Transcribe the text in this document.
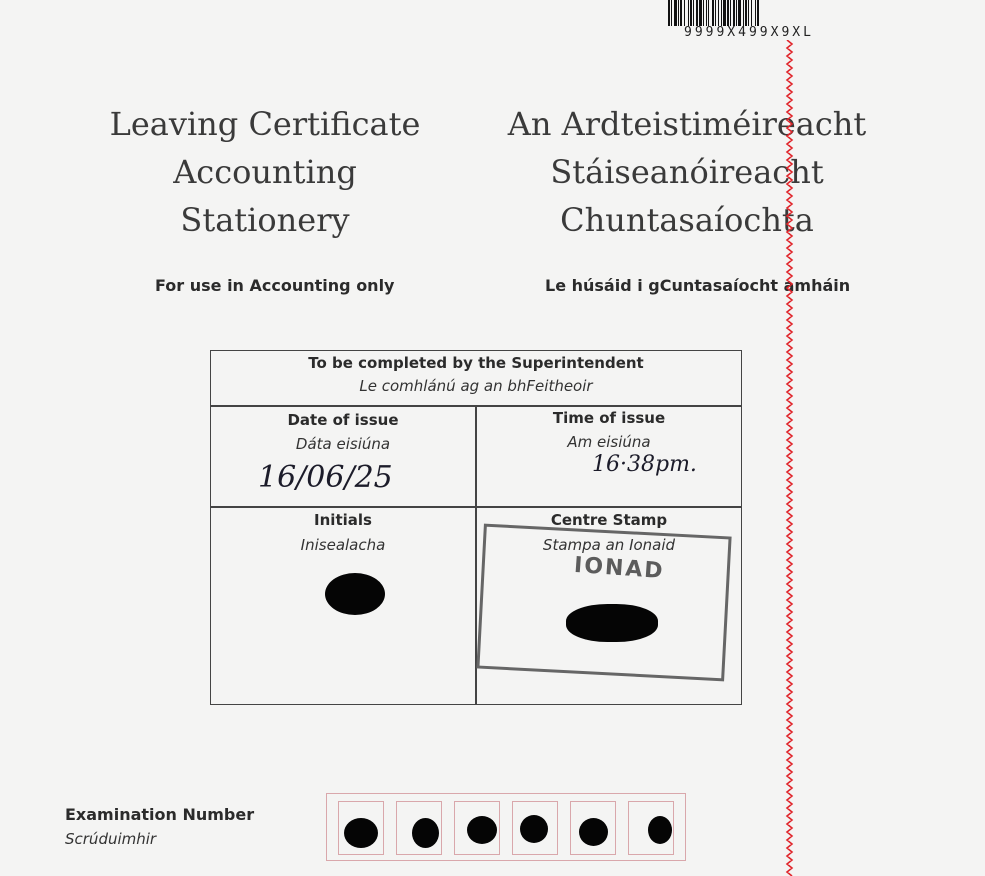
9999X499X9XL
Leaving Certificate
Accounting
Stationery
An Ardteistiméireacht
Stáiseanóireacht
Chuntasaíochta
For use in Accounting only	Le húsáid i gCuntasaíocht amháin
To be completed by the Superintendent
Le comhlánú ag an bhFeitheoir
Date of issue
Dáta eisiúna
16/06/25
Time of issue
Am eisiúna
16·38pm.
Initials
Inisealacha
IONAD
Centre Stamp
Stampa an Ionaid
Examination Number
Scrúduimhir
